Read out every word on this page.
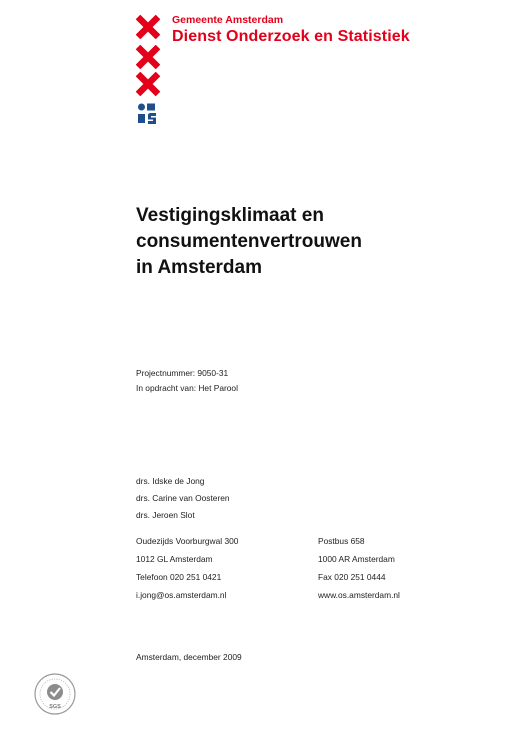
Gemeente Amsterdam
Dienst Onderzoek en Statistiek
Vestigingsklimaat en
consumentenvertrouwen
in Amsterdam
Projectnummer: 9050-31
In opdracht van: Het Parool
drs. Idske de Jong
drs. Carine van Oosteren
drs. Jeroen Slot
Oudezijds Voorburgwal 300
1012 GL Amsterdam
Telefoon 020 251 0421
i.jong@os.amsterdam.nl
Postbus 658
1000 AR Amsterdam
Fax 020 251 0444
www.os.amsterdam.nl
Amsterdam, december 2009
SGS
